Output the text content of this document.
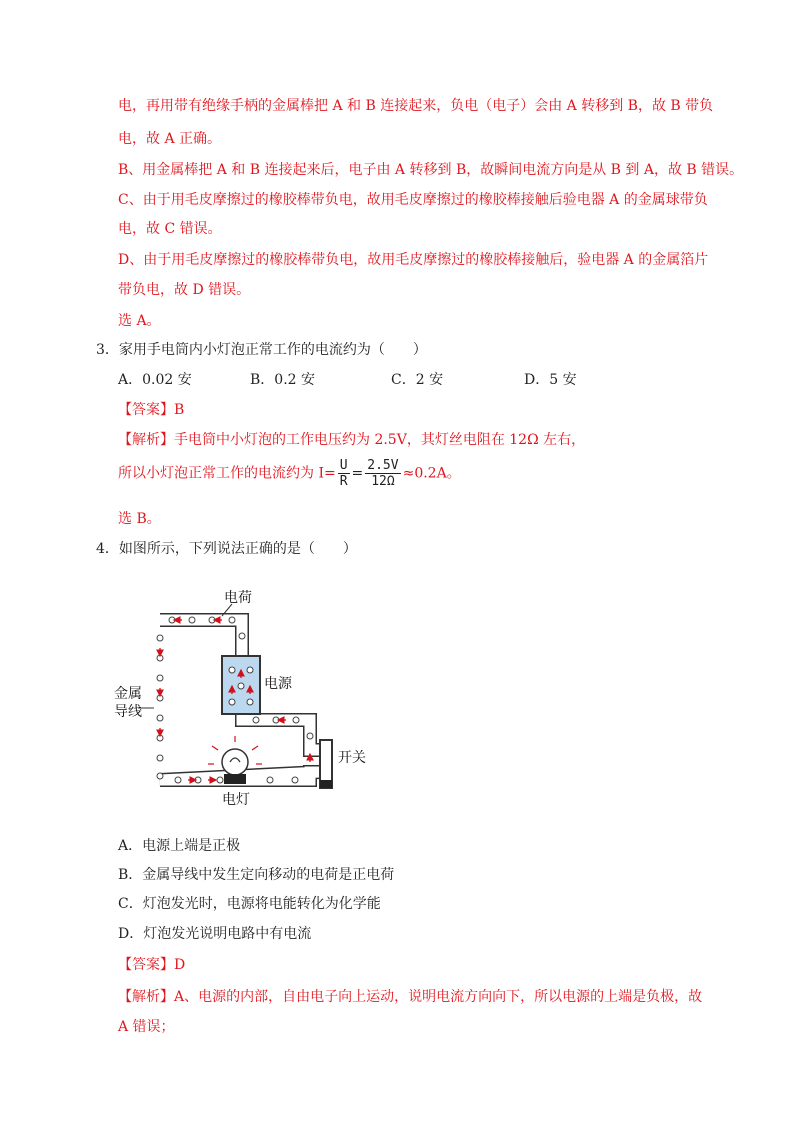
电，再用带有绝缘手柄的金属棒把 A 和 B 连接起来，负电（电子）会由 A 转移到 B，故 B 带负
电，故 A 正确。
B、用金属棒把 A 和 B 连接起来后，电子由 A 转移到 B，故瞬间电流方向是从 B 到 A，故 B 错误。
C、由于用毛皮摩擦过的橡胶棒带负电，故用毛皮摩擦过的橡胶棒接触后验电器 A 的金属球带负
电，故 C 错误。
D、由于用毛皮摩擦过的橡胶棒带负电，故用毛皮摩擦过的橡胶棒接触后，验电器 A 的金属箔片
带负电，故 D 错误。
选 A。
3．家用手电筒内小灯泡正常工作的电流约为（　　）
A．0.02 安	B．0.2 安	C．2 安	D．5 安
【答案】B
【解析】手电筒中小灯泡的工作电压约为 2.5V，其灯丝电阻在 12Ω 左右，
所以小灯泡正常工作的电流约为 $I= \frac{U}{R} = \frac{2.5V}{12\Omega} \approx 0.2A$。
选 B。
4．如图所示，下列说法正确的是（　　）
电荷
电源
金属
导线
开关
电灯
A．电源上端是正极
B．金属导线中发生定向移动的电荷是正电荷
C．灯泡发光时，电源将电能转化为化学能
D．灯泡发光说明电路中有电流
【答案】D
【解析】A、电源的内部，自由电子向上运动，说明电流方向向下，所以电源的上端是负极，故
A 错误；
